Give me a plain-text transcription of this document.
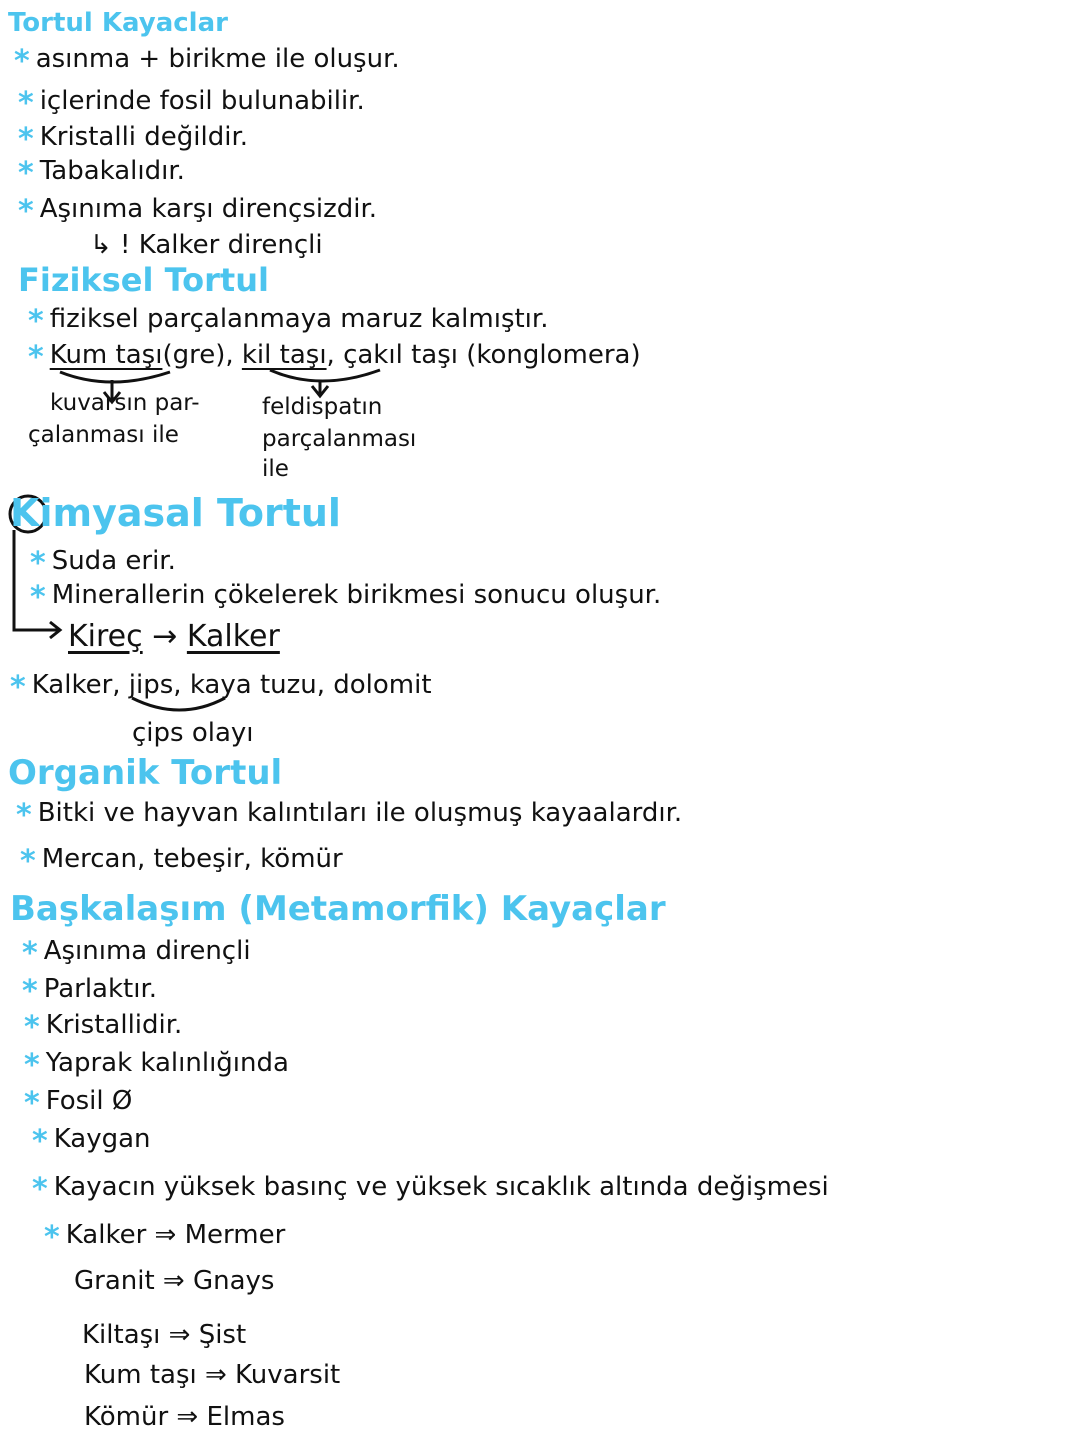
Tortul Kayaclar
* asınma + birikme ile oluşur.
* içlerinde fosil bulunabilir.
* Kristalli değildir.
* Tabakalıdır.
* Aşınıma karşı dirençsizdir.
↳ ! Kalker dirençli
Fiziksel Tortul
* fiziksel parçalanmaya maruz kalmıştır.
* Kum taşı(gre), kil taşı, çakıl taşı (konglomera)
kuvarsın par-
çalanması ile
feldispatın
parçalanması
ile
Kimyasal Tortul
* Suda erir.
* Minerallerin çökelerek birikmesi sonucu oluşur.
Kireç → Kalker
* Kalker, jips, kaya tuzu, dolomit
çips olayı
Organik Tortul
* Bitki ve hayvan kalıntıları ile oluşmuş kayaalardır.
* Mercan, tebeşir, kömür
Başkalaşım (Metamorfik) Kayaçlar
* Aşınıma dirençli
* Parlaktır.
* Kristallidir.
* Yaprak kalınlığında
* Fosil Ø
* Kaygan
* Kayacın yüksek basınç ve yüksek sıcaklık altında değişmesi
* Kalker ⇒ Mermer
Granit ⇒ Gnays
Kiltaşı ⇒ Şist
Kum taşı ⇒ Kuvarsit
Kömür ⇒ Elmas
